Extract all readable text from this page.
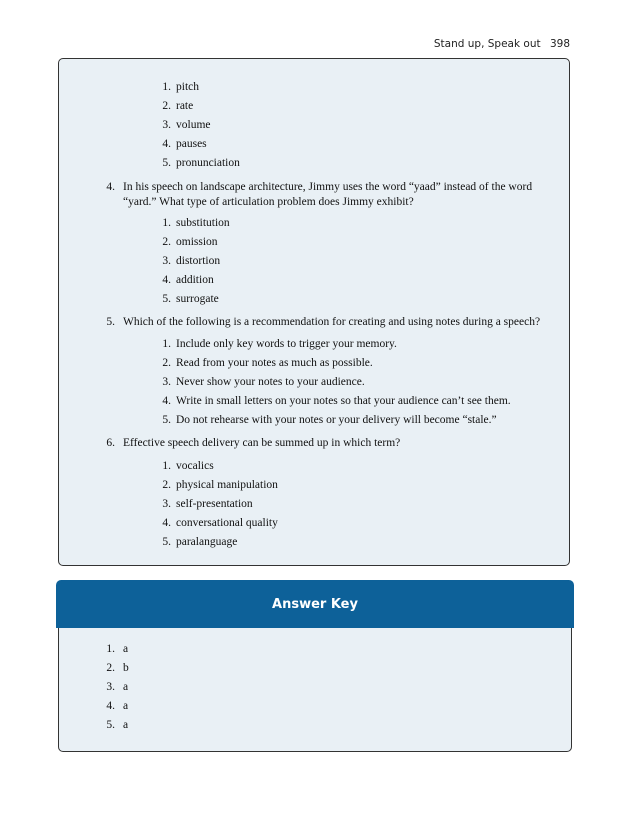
Stand up, Speak out 398
1. pitch
2. rate
3. volume
4. pauses
5. pronunciation
4. In his speech on landscape architecture, Jimmy uses the word “yaad” instead of the word “yard.” What type of articulation problem does Jimmy exhibit?
1. substitution
2. omission
3. distortion
4. addition
5. surrogate
5. Which of the following is a recommendation for creating and using notes during a speech?
1. Include only key words to trigger your memory.
2. Read from your notes as much as possible.
3. Never show your notes to your audience.
4. Write in small letters on your notes so that your audience can’t see them.
5. Do not rehearse with your notes or your delivery will become “stale.”
6. Effective speech delivery can be summed up in which term?
1. vocalics
2. physical manipulation
3. self-presentation
4. conversational quality
5. paralanguage
Answer Key
1. a
2. b
3. a
4. a
5. a
